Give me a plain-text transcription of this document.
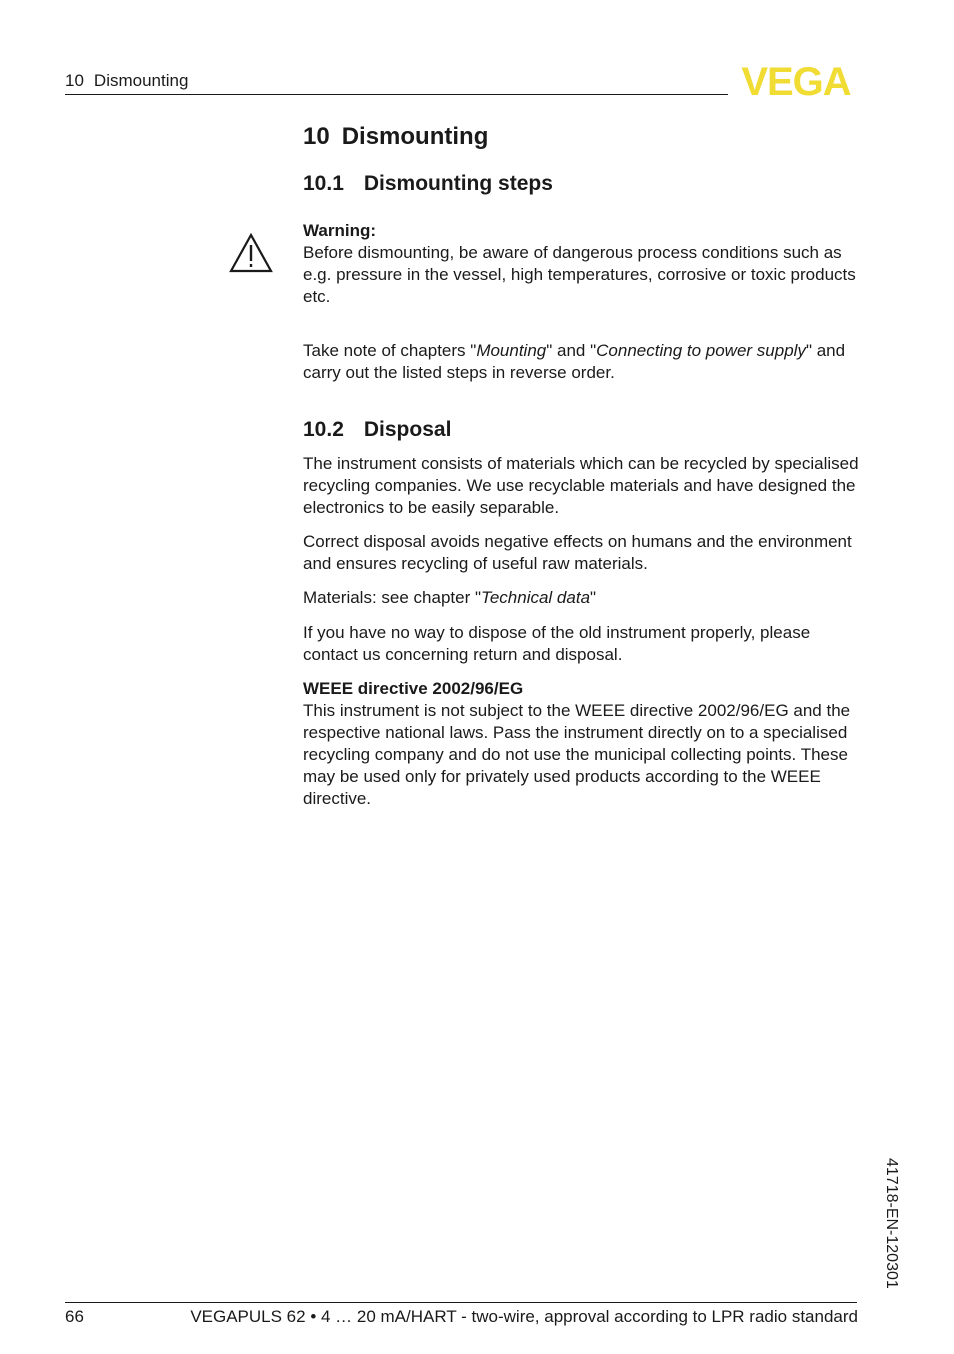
10 Dismounting	VEGA
10 Dismounting
10.1 Dismounting steps

Warning:

Before dismounting, be aware of dangerous process conditions such as e.g. pressure in the vessel, high temperatures, corrosive or toxic products etc.

Take note of chapters "Mounting" and "Connecting to power supply" and carry out the listed steps in reverse order.

10.2 Disposal

The instrument consists of materials which can be recycled by specialised recycling companies. We use recyclable materials and have designed the electronics to be easily separable.

Correct disposal avoids negative effects on humans and the environment and ensures recycling of useful raw materials.

Materials: see chapter "Technical data"

If you have no way to dispose of the old instrument properly, please contact us concerning return and disposal.

WEEE directive 2002/96/EG

This instrument is not subject to the WEEE directive 2002/96/EG and the respective national laws. Pass the instrument directly on to a specialised recycling company and do not use the municipal collecting points. These may be used only for privately used products according to the WEEE directive.

41718-EN-120301
66	VEGAPULS 62 • 4 … 20 mA/HART - two-wire, approval according to LPR radio standard
